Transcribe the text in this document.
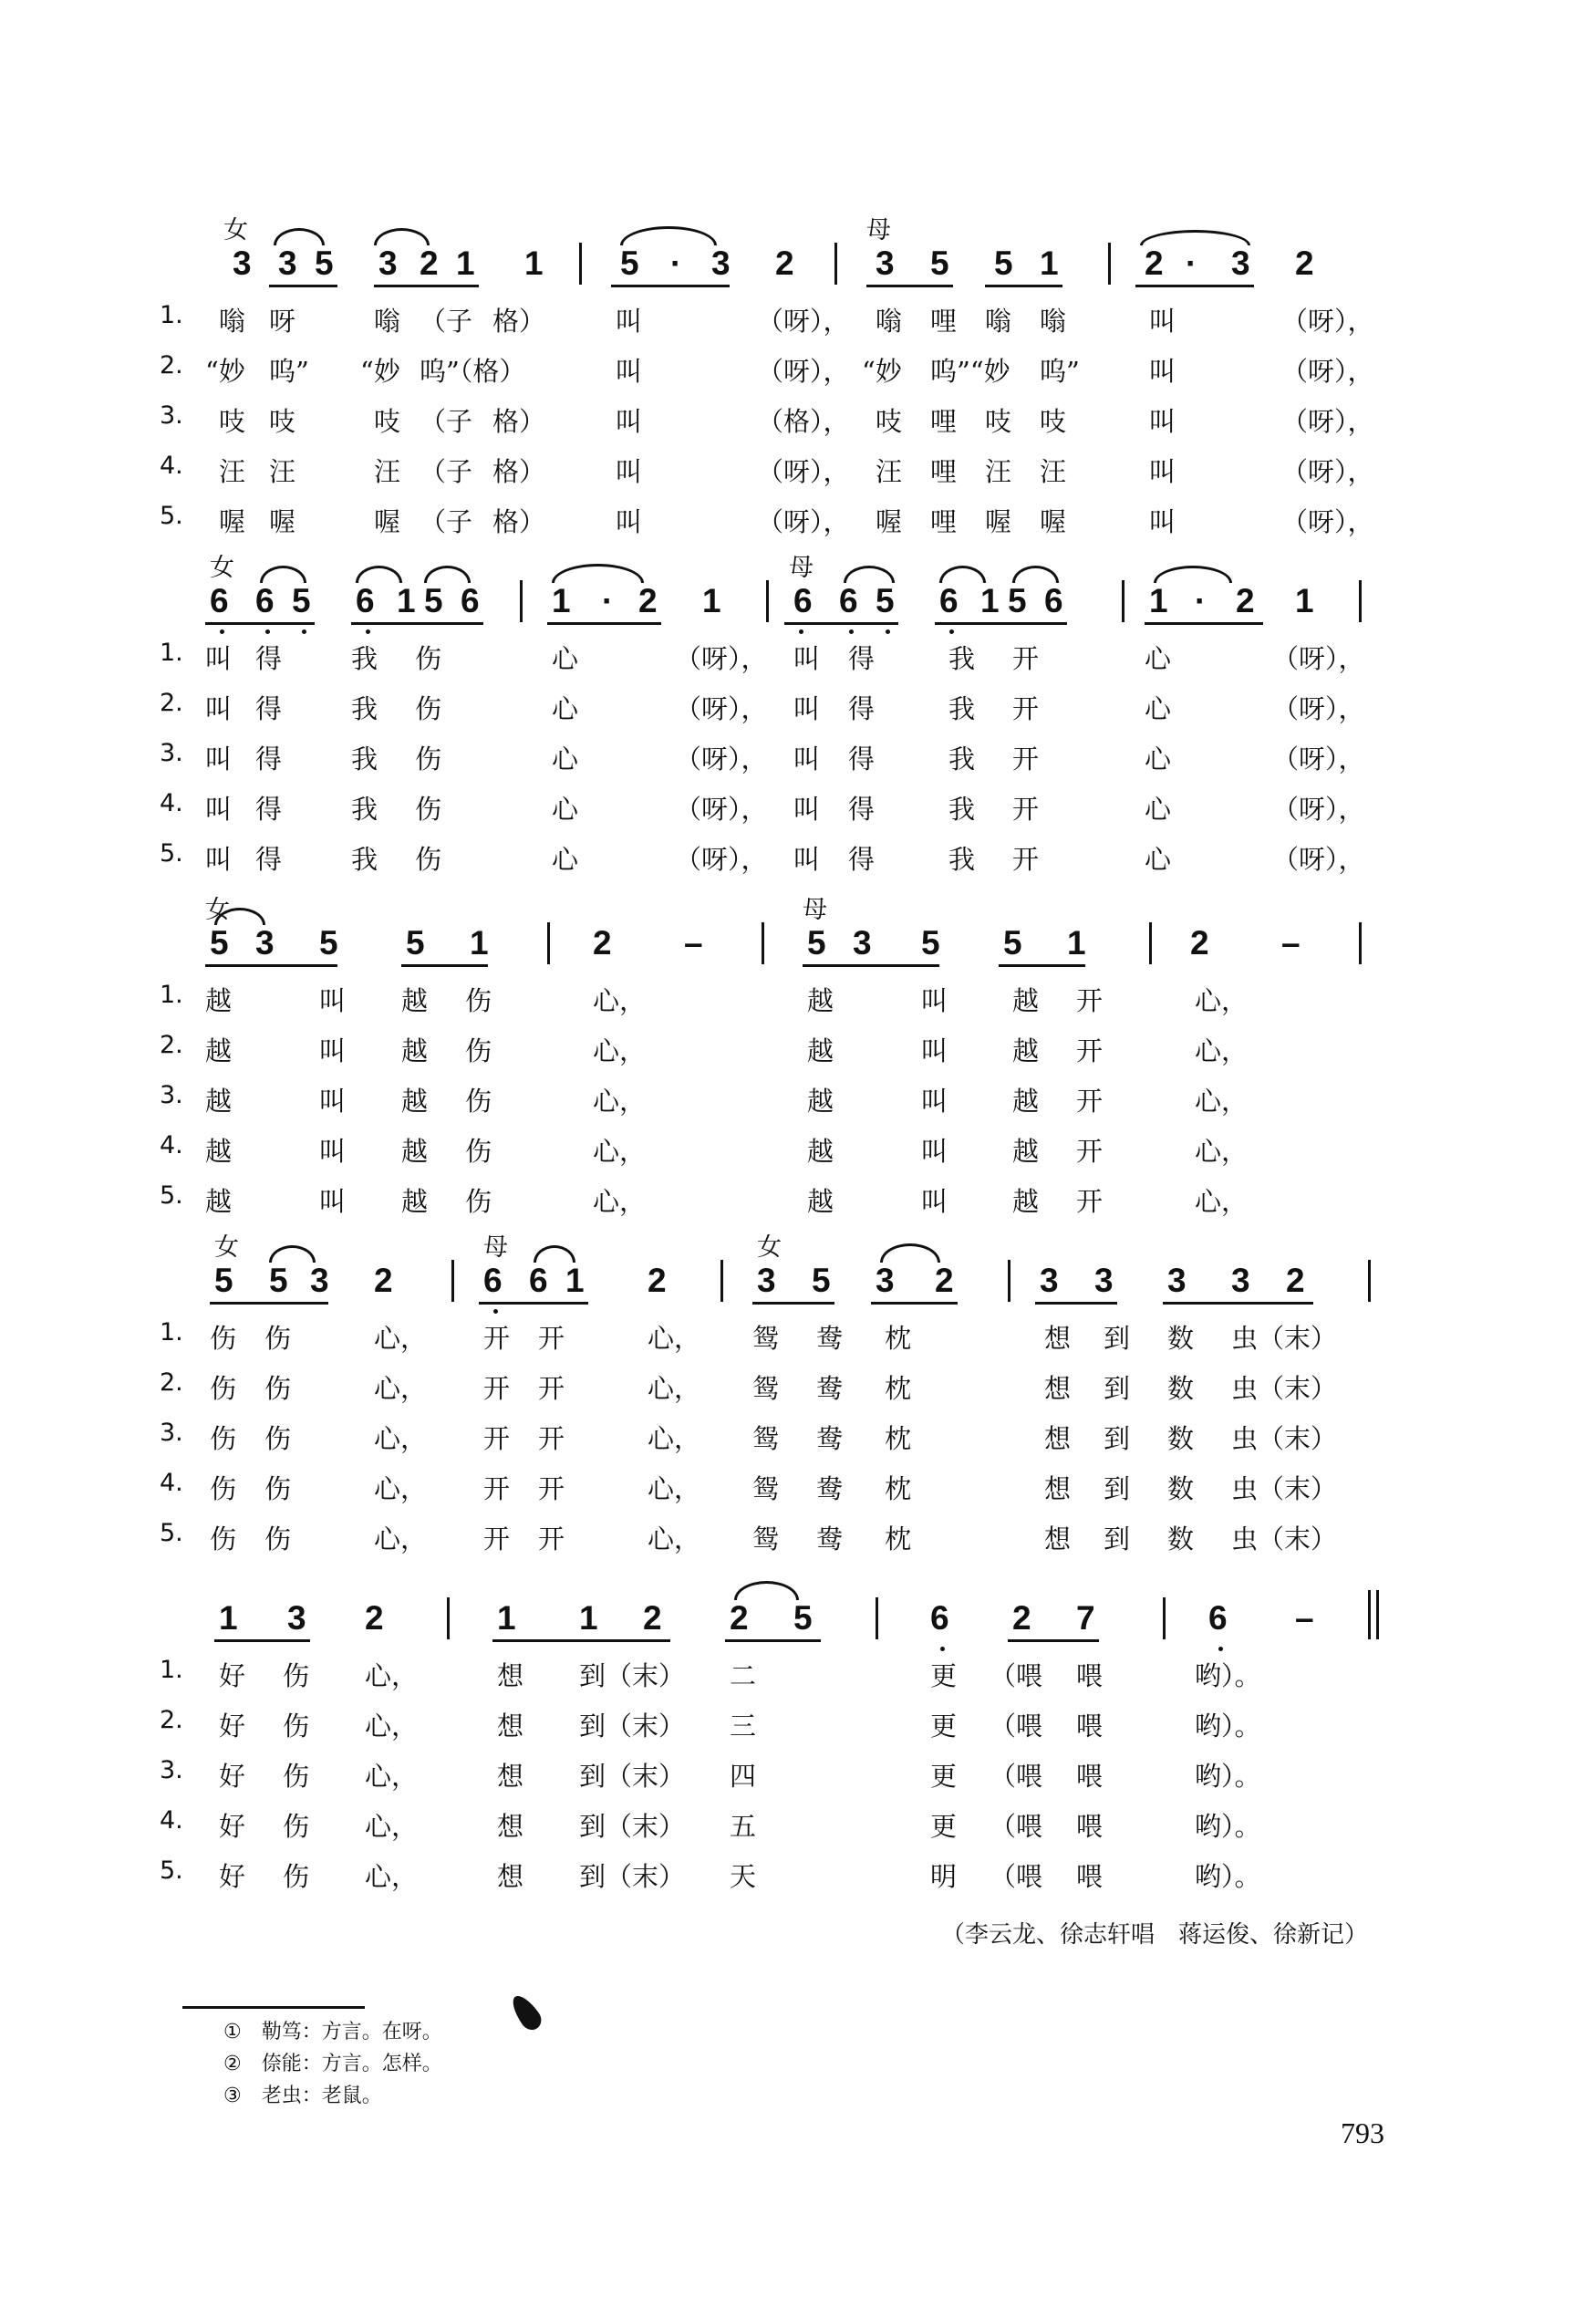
女	母
3 3 5 3 2 1 1 5 · 3 2 3 5 5 1	2 · 3 2
1. 嗡 呀	嗡 （子 格）	叫	（呀）， 嗡 哩 嗡 嗡	叫	（呀），
2. “妙 呜” “妙 呜”（格）	叫	（呀）， “妙 呜”“妙 呜”	叫	（呀），
3. 吱 吱	吱 （子 格）	叫	（格）， 吱 哩 吱 吱	叫	（呀），
4. 汪 汪	汪 （子 格）	叫	（呀）， 汪 哩 汪 汪	叫	（呀），
5. 喔 喔	喔 （子 格）	叫	（呀）， 喔 哩 喔 喔	叫	（呀），
女	母
6 6 5 6 1 5 6 1 · 2 1 6 6 5 6 1 5 6	1 · 2 1
1. 叫 得	我 伤	心	（呀）， 叫 得	我 开	心	（呀），
2. 叫 得	我 伤	心	（呀）， 叫 得	我 开	心	（呀），
3. 叫 得	我 伤	心	（呀）， 叫 得	我 开	心	（呀），
4. 叫 得	我 伤	心	（呀）， 叫 得	我 开	心	（呀），
5. 叫 得	我 伤	心	（呀）， 叫 得	我 开	心	（呀），
女	母
5 3 5 5 1	2 –	5 3 5 5 1	2 –
1. 越	叫 越 伤	心，	越	叫 越 开	心，
2. 越	叫 越 伤	心，	越	叫 越 开	心，
3. 越	叫 越 伤	心，	越	叫 越 开	心，
4. 越	叫 越 伤	心，	越	叫 越 开	心，
5. 越	叫 越 伤	心，	越	叫 越 开	心，
女	母	女
5 5 3 2	6 6 1 2	3 5 3 2	3 3 3 3 2
1. 伤 伤	心， 开 开	心， 鸳 鸯 枕	想 到 数 虫（末）
2. 伤 伤	心， 开 开	心， 鸳 鸯 枕	想 到 数 虫（末）
3. 伤 伤	心， 开 开	心， 鸳 鸯 枕	想 到 数 虫（末）
4. 伤 伤	心， 开 开	心， 鸳 鸯 枕	想 到 数 虫（末）
5. 伤 伤	心， 开 开	心， 鸳 鸯 枕	想 到 数 虫（末）
1 3 2	1 1 2 2 5	6 2 7	6 –
1. 好 伤 心，	想 到（末） 二	更 （喂 喂	哟）。
2. 好 伤 心，	想 到（末） 三	更 （喂 喂	哟）。
3. 好 伤 心，	想 到（末） 四	更 （喂 喂	哟）。
4. 好 伤 心，	想 到（末） 五	更 （喂 喂	哟）。
5. 好 伤 心，	想 到（末） 天	明 （喂 喂	哟）。
（李云龙、徐志轩唱　蒋运俊、徐新记）
①　勒笃：方言。在呀。
②　倷能：方言。怎样。
③　老虫：老鼠。
793
